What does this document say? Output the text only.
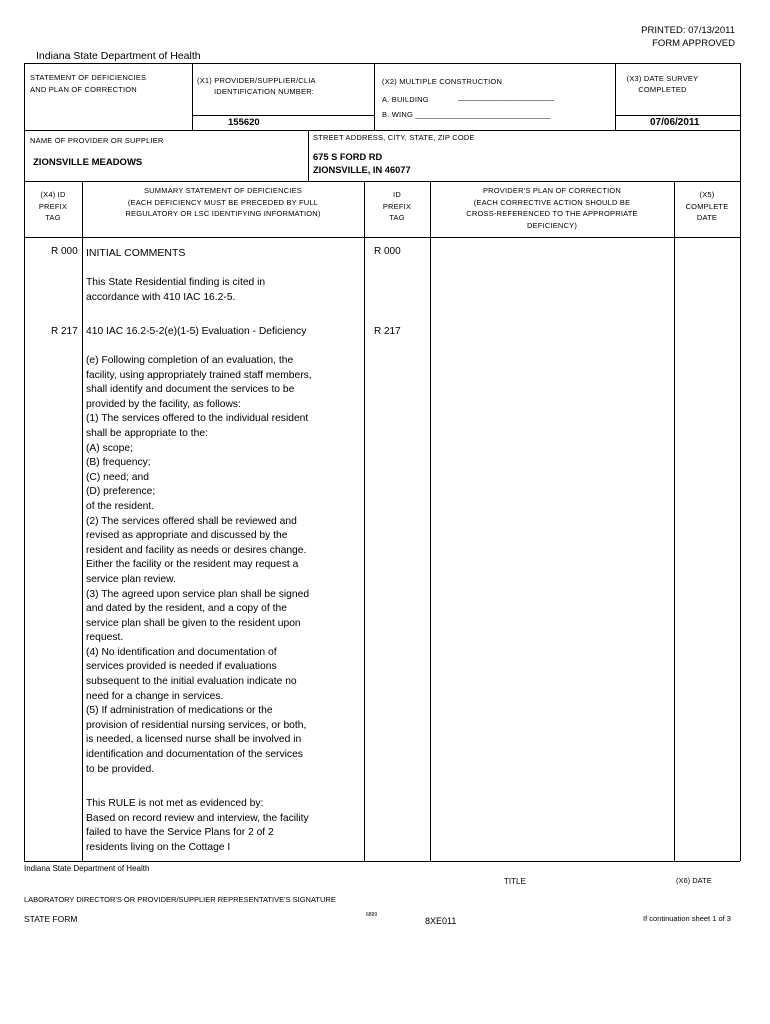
PRINTED: 07/13/2011
FORM APPROVED
Indiana State Department of Health
STATEMENT OF DEFICIENCIES
AND PLAN OF CORRECTION
(X1) PROVIDER/SUPPLIER/CLIA
IDENTIFICATION NUMBER:
155620
(X2) MULTIPLE CONSTRUCTION
A. BUILDING	______________________
B. WING _______________________________
(X3) DATE SURVEY
COMPLETED
07/06/2011
NAME OF PROVIDER OR SUPPLIER
ZIONSVILLE MEADOWS
STREET ADDRESS, CITY, STATE, ZIP CODE
675 S FORD RD
ZIONSVILLE, IN 46077
(X4) ID
PREFIX
TAG
SUMMARY STATEMENT OF DEFICIENCIES
(EACH DEFICIENCY MUST BE PRECEDED BY FULL
REGULATORY OR LSC IDENTIFYING INFORMATION)
ID
PREFIX
TAG
PROVIDER'S PLAN OF CORRECTION
(EACH CORRECTIVE ACTION SHOULD BE
CROSS-REFERENCED TO THE APPROPRIATE
DEFICIENCY)
(X5)
COMPLETE
DATE
R 000 INITIAL COMMENTS	R 000
This State Residential finding is cited in
accordance with 410 IAC 16.2-5.
R 217 410 IAC 16.2-5-2(e)(1-5) Evaluation - Deficiency	R 217
(e) Following completion of an evaluation, the
facility, using appropriately trained staff members,
shall identify and document the services to be
provided by the facility, as follows:
(1) The services offered to the individual resident
shall be appropriate to the:
(A) scope;
(B) frequency;
(C) need; and
(D) preference;
of the resident.
(2) The services offered shall be reviewed and
revised as appropriate and discussed by the
resident and facility as needs or desires change.
Either the facility or the resident may request a
service plan review.
(3) The agreed upon service plan shall be signed
and dated by the resident, and a copy of the
service plan shall be given to the resident upon
request.
(4) No identification and documentation of
services provided is needed if evaluations
subsequent to the initial evaluation indicate no
need for a change in services.
(5) If administration of medications or the
provision of residential nursing services, or both,
is needed, a licensed nurse shall be involved in
identification and documentation of the services
to be provided.
This RULE is not met as evidenced by:
Based on record review and interview, the facility
failed to have the Service Plans for 2 of 2
residents living on the Cottage I
Indiana State Department of Health
TITLE	(X6) DATE
LABORATORY DIRECTOR'S OR PROVIDER/SUPPLIER REPRESENTATIVE'S SIGNATURE
STATE FORM	6899
8XE011	If continuation sheet 1 of 3
